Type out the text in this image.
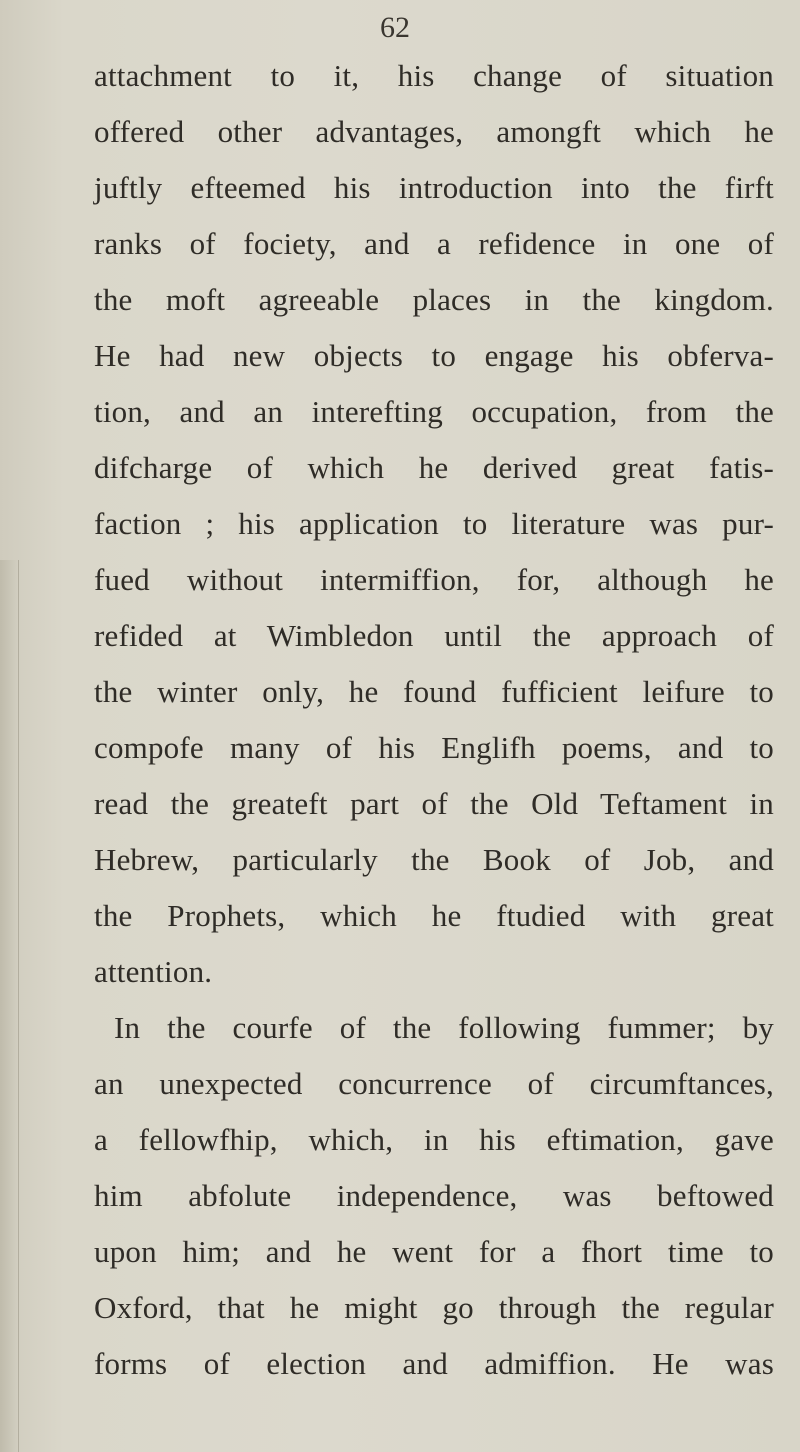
62
attachment to it, his change of situation
offered other advantages, amongft which he
juftly efteemed his introduction into the firft
ranks of fociety, and a refidence in one of
the moft agreeable places in the kingdom.
He had new objects to engage his obferva-
tion, and an interefting occupation, from the
difcharge of which he derived great fatis-
faction ; his application to literature was pur-
fued without intermiffion, for, although he
refided at Wimbledon until the approach of
the winter only, he found fufficient leifure to
compofe many of his Englifh poems, and to
read the greateft part of the Old Teftament in
Hebrew, particularly the Book of Job, and
the Prophets, which he ftudied with great
attention.
In the courfe of the following fummer; by
an unexpected concurrence of circumftances,
a fellowfhip, which, in his eftimation, gave
him abfolute independence, was beftowed
upon him; and he went for a fhort time to
Oxford, that he might go through the regular
forms of election and admiffion. He was
